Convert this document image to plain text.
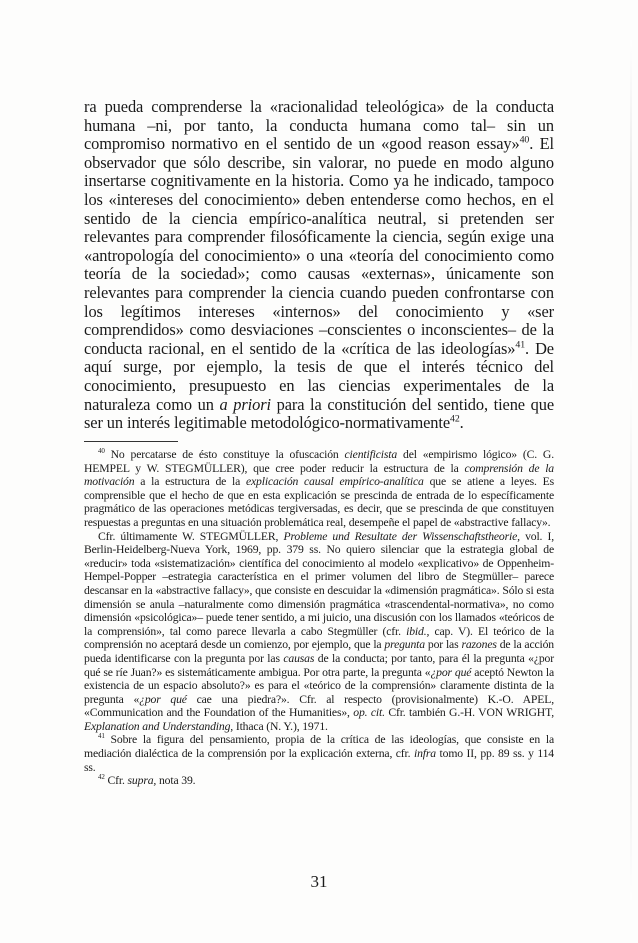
ra pueda comprenderse la «racionalidad teleológica» de la conducta humana –ni, por tanto, la conducta humana como tal– sin un compromiso normativo en el sentido de un «good reason essay»$^{40}$. El observador que sólo describe, sin valorar, no puede en modo alguno insertarse cognitivamente en la historia. Como ya he indicado, tampoco los «intereses del conocimiento» deben entenderse como hechos, en el sentido de la ciencia empírico-analítica neutral, si pretenden ser relevantes para comprender filosóficamente la ciencia, según exige una «antropología del conocimiento» o una «teoría del conocimiento como teoría de la sociedad»; como causas «externas», únicamente son relevantes para comprender la ciencia cuando pueden confrontarse con los legítimos intereses «internos» del conocimiento y «ser comprendidos» como desviaciones –conscientes o inconscientes– de la conducta racional, en el sentido de la «crítica de las ideologías»$^{41}$. De aquí surge, por ejemplo, la tesis de que el interés técnico del conocimiento, presupuesto en las ciencias experimentales de la naturaleza como un a priori para la constitución del sentido, tiene que ser un interés legitimable metodológico-normativamente$^{42}$.

$^{40}$ No percatarse de ésto constituye la ofuscación cientificista del «empirismo lógico» (C. G. HEMPEL y W. STEGMÜLLER), que cree poder reducir la estructura de la comprensión de la motivación a la estructura de la explicación causal empírico-analítica que se atiene a leyes. Es comprensible que el hecho de que en esta explicación se prescinda de entrada de lo específicamente pragmático de las operaciones metódicas tergiversadas, es decir, que se prescinda de que constituyen respuestas a preguntas en una situación problemática real, desempeñe el papel de «abstractive fallacy».

Cfr. últimamente W. STEGMÜLLER, Probleme und Resultate der Wissenschaftstheorie, vol. I, Berlin-Heidelberg-Nueva York, 1969, pp. 379 ss. No quiero silenciar que la estrategia global de «reducir» toda «sistematización» científica del conocimiento al modelo «explicativo» de Oppenheim-Hempel-Popper –estrategia característica en el primer volumen del libro de Stegmüller– parece descansar en la «abstractive fallacy», que consiste en descuidar la «dimensión pragmática». Sólo si esta dimensión se anula –naturalmente como dimensión pragmática «trascendental-normativa», no como dimensión «psicológica»– puede tener sentido, a mi juicio, una discusión con los llamados «teóricos de la comprensión», tal como parece llevarla a cabo Stegmüller (cfr. ibid., cap. V). El teórico de la comprensión no aceptará desde un comienzo, por ejemplo, que la pregunta por las razones de la acción pueda identificarse con la pregunta por las causas de la conducta; por tanto, para él la pregunta «¿por qué se ríe Juan?» es sistemáticamente ambigua. Por otra parte, la pregunta «¿por qué aceptó Newton la existencia de un espacio absoluto?» es para el «teórico de la comprensión» claramente distinta de la pregunta «¿por qué cae una piedra?». Cfr. al respecto (provisionalmente) K.-O. APEL, «Communication and the Foundation of the Humanities», op. cit. Cfr. también G.-H. VON WRIGHT, Explanation and Understanding, Ithaca (N. Y.), 1971.

$^{41}$ Sobre la figura del pensamiento, propia de la crítica de las ideologías, que consiste en la mediación dialéctica de la comprensión por la explicación externa, cfr. infra tomo II, pp. 89 ss. y 114 ss.

$^{42}$ Cfr. supra, nota 39.

31
